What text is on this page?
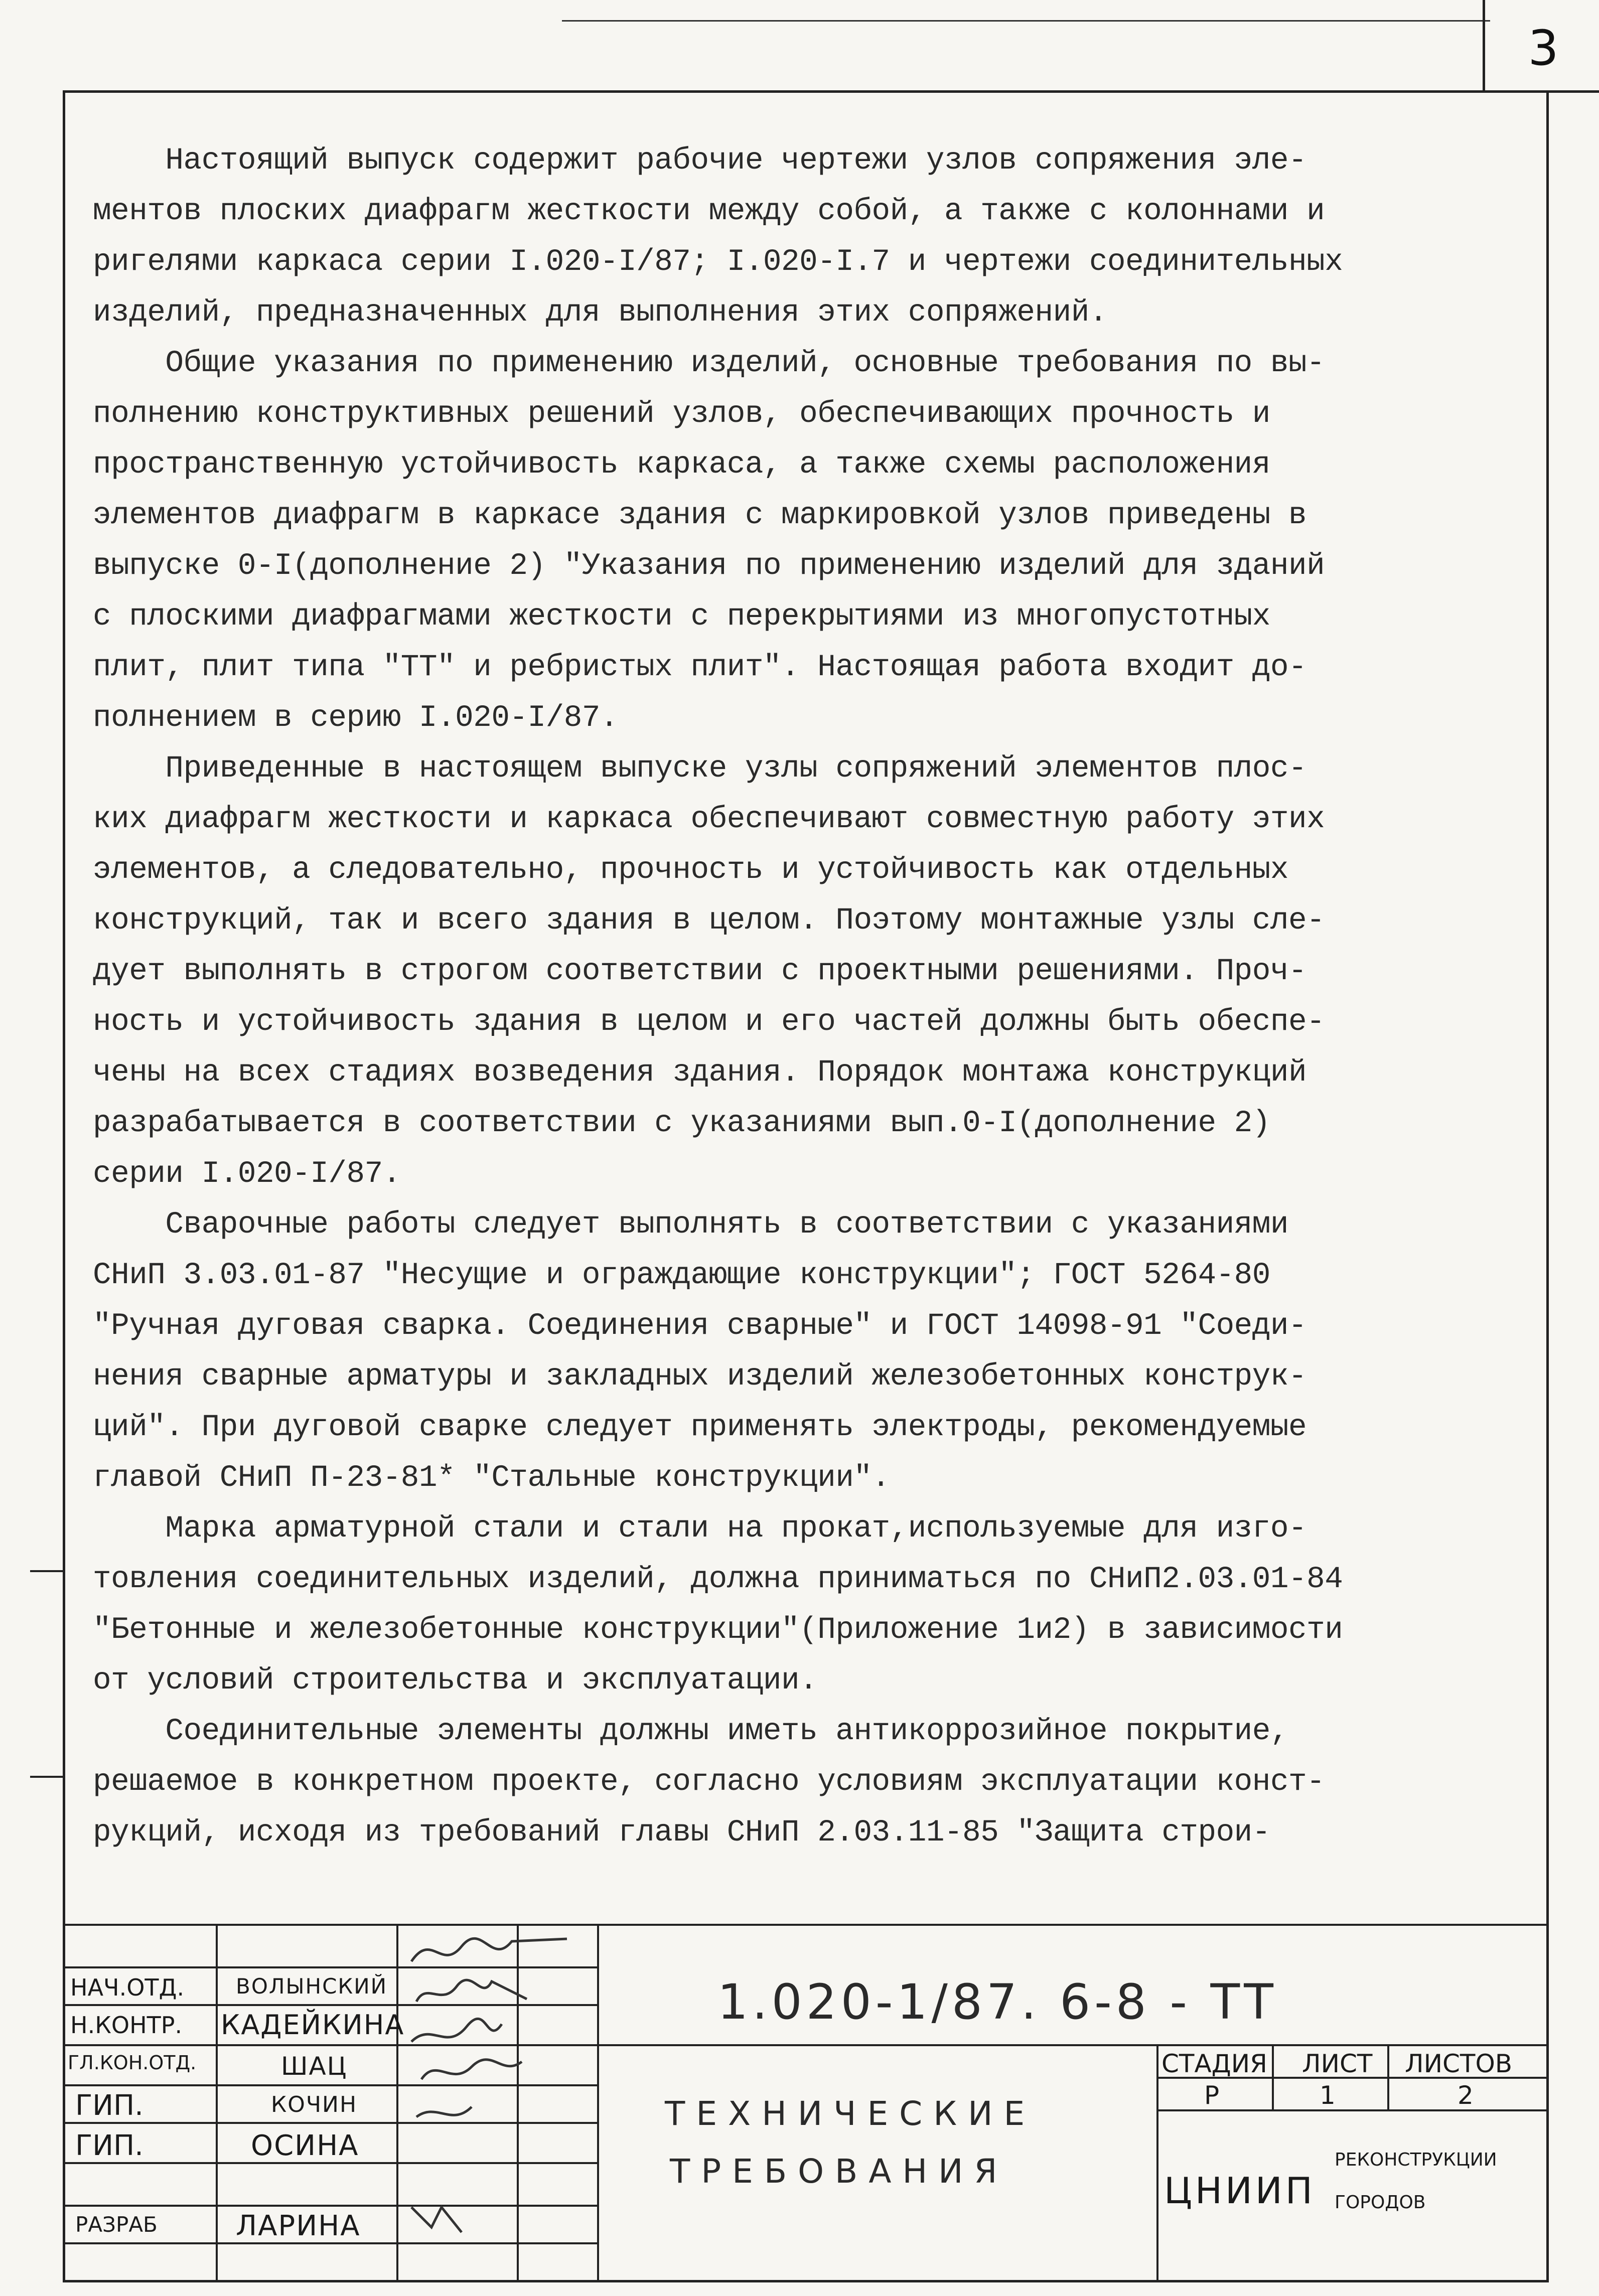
3
Настоящий выпуск содержит рабочие чертежи узлов сопряжения эле-
ментов плоских диафрагм жесткости между собой, а также с колоннами и
ригелями каркаса серии I.020-I/87; I.020-I.7 и чертежи соединительных
изделий, предназначенных для выполнения этих сопряжений.
Общие указания по применению изделий, основные требования по вы-
полнению конструктивных решений узлов, обеспечивающих прочность и
пространственную устойчивость каркаса, а также схемы расположения
элементов диафрагм в каркасе здания с маркировкой узлов приведены в
выпуске 0-I(дополнение 2) "Указания по применению изделий для зданий
с плоскими диафрагмами жесткости с перекрытиями из многопустотных
плит, плит типа "ТТ" и ребристых плит". Настоящая работа входит до-
полнением в серию I.020-I/87.
Приведенные в настоящем выпуске узлы сопряжений элементов плос-
ких диафрагм жесткости и каркаса обеспечивают совместную работу этих
элементов, а следовательно, прочность и устойчивость как отдельных
конструкций, так и всего здания в целом. Поэтому монтажные узлы сле-
дует выполнять в строгом соответствии с проектными решениями. Проч-
ность и устойчивость здания в целом и его частей должны быть обеспе-
чены на всех стадиях возведения здания. Порядок монтажа конструкций
разрабатывается в соответствии с указаниями вып.0-I(дополнение 2)
серии I.020-I/87.
Сварочные работы следует выполнять в соответствии с указаниями
СНиП 3.03.01-87 "Несущие и ограждающие конструкции"; ГОСТ 5264-80
"Ручная дуговая сварка. Соединения сварные" и ГОСТ 14098-91 "Соеди-
нения сварные арматуры и закладных изделий железобетонных конструк-
ций". При дуговой сварке следует применять электроды, рекомендуемые
главой СНиП П-23-81* "Стальные конструкции".
Марка арматурной стали и стали на прокат,используемые для изго-
товления соединительных изделий, должна приниматься по СНиП2.03.01-84
"Бетонные и железобетонные конструкции"(Приложение 1и2) в зависимости
от условий строительства и эксплуатации.
Соединительные элементы должны иметь антикоррозийное покрытие,
решаемое в конкретном проекте, согласно условиям эксплуатации конст-
рукций, исходя из требований главы СНиП 2.03.11-85 "Защита строи-
НАЧ.ОТД. ВОЛЫНСКИЙ
Н.КОНТР. КАДЕЙКИНА
ГЛ.КОН.ОТД.	ШАЦ
ГИП.	КОЧИН
ГИП.	ОСИНА
РАЗРАБ	ЛАРИНА
1.020-1/87. 6-8 - ТТ
ТЕХНИЧЕСКИЕ
ТРЕБОВАНИЯ
СТАДИЯ ЛИСТ ЛИСТОВ
Р	1	2
ЦНИИП
РЕКОНСТРУКЦИИ
ГОРОДОВ
